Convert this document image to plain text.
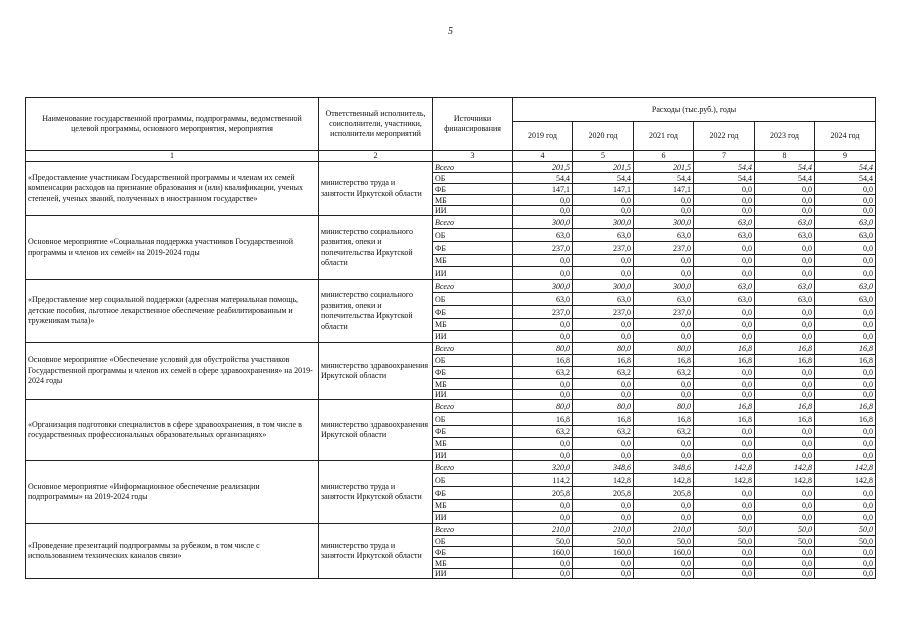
5
Наименование государственной программы, подпрограммы, ведомственной целевой программы, основного мероприятия, мероприятия	Ответственный исполнитель, соисполнители, участники, исполнители мероприятий	Источники финансирования	Расходы (тыс.руб.), годы					
			2019 год	2020 год	2021 год	2022 год	2023 год	2024 год
1	2	3	4	5	6	7	8	9
«Предоставление участникам Государственной программы и членам их семей компенсации расходов на признание образования и (или) квалификации, ученых степеней, ученых званий, полученных в иностранном государстве»	министерство труда и занятости Иркутской области	Всего	201,5	201,5	201,5	54,4	54,4	54,4
		ОБ	54,4	54,4	54,4	54,4	54,4	54,4
		ФБ	147,1	147,1	147,1	0,0	0,0	0,0
		МБ	0,0	0,0	0,0	0,0	0,0	0,0
		ИИ	0,0	0,0	0,0	0,0	0,0	0,0
Основное мероприятие «Социальная поддержка участников Государственной программы и членов их семей» на 2019-2024 годы	министерство социального развития, опеки и попечительства Иркутской области	Всего	300,0	300,0	300,0	63,0	63,0	63,0
		ОБ	63,0	63,0	63,0	63,0	63,0	63,0
		ФБ	237,0	237,0	237,0	0,0	0,0	0,0
		МБ	0,0	0,0	0,0	0,0	0,0	0,0
		ИИ	0,0	0,0	0,0	0,0	0,0	0,0
«Предоставление мер социальной поддержки (адресная материальная помощь, детские пособия, льготное лекарственное обеспечение реабилитированным и труженикам тыла)»	министерство социального развития, опеки и попечительства Иркутской области	Всего	300,0	300,0	300,0	63,0	63,0	63,0
		ОБ	63,0	63,0	63,0	63,0	63,0	63,0
		ФБ	237,0	237,0	237,0	0,0	0,0	0,0
		МБ	0,0	0,0	0,0	0,0	0,0	0,0
		ИИ	0,0	0,0	0,0	0,0	0,0	0,0
Основное мероприятие «Обеспечение условий для обустройства участников Государственной программы и членов их семей в сфере здравоохранения» на 2019-2024 годы	министерство здравоохранения Иркутской области	Всего	80,0	80,0	80,0	16,8	16,8	16,8
		ОБ	16,8	16,8	16,8	16,8	16,8	16,8
		ФБ	63,2	63,2	63,2	0,0	0,0	0,0
		МБ	0,0	0,0	0,0	0,0	0,0	0,0
		ИИ	0,0	0,0	0,0	0,0	0,0	0,0
«Организация подготовки специалистов в сфере здравоохранения, в том числе в государственных профессиональных образовательных организациях»	министерство здравоохранения Иркутской области	Всего	80,0	80,0	80,0	16,8	16,8	16,8
		ОБ	16,8	16,8	16,8	16,8	16,8	16,8
		ФБ	63,2	63,2	63,2	0,0	0,0	0,0
		МБ	0,0	0,0	0,0	0,0	0,0	0,0
		ИИ	0,0	0,0	0,0	0,0	0,0	0,0
Основное мероприятие «Информационное обеспечение реализации подпрограммы» на 2019-2024 годы	министерство труда и занятости Иркутской области	Всего	320,0	348,6	348,6	142,8	142,8	142,8
		ОБ	114,2	142,8	142,8	142,8	142,8	142,8
		ФБ	205,8	205,8	205,8	0,0	0,0	0,0
		МБ	0,0	0,0	0,0	0,0	0,0	0,0
		ИИ	0,0	0,0	0,0	0,0	0,0	0,0
«Проведение презентаций подпрограммы за рубежом, в том числе с использованием технических каналов связи»	министерство труда и занятости Иркутской области	Всего	210,0	210,0	210,0	50,0	50,0	50,0
		ОБ	50,0	50,0	50,0	50,0	50,0	50,0
		ФБ	160,0	160,0	160,0	0,0	0,0	0,0
		МБ	0,0	0,0	0,0	0,0	0,0	0,0
		ИИ	0,0	0,0	0,0	0,0	0,0	0,0
